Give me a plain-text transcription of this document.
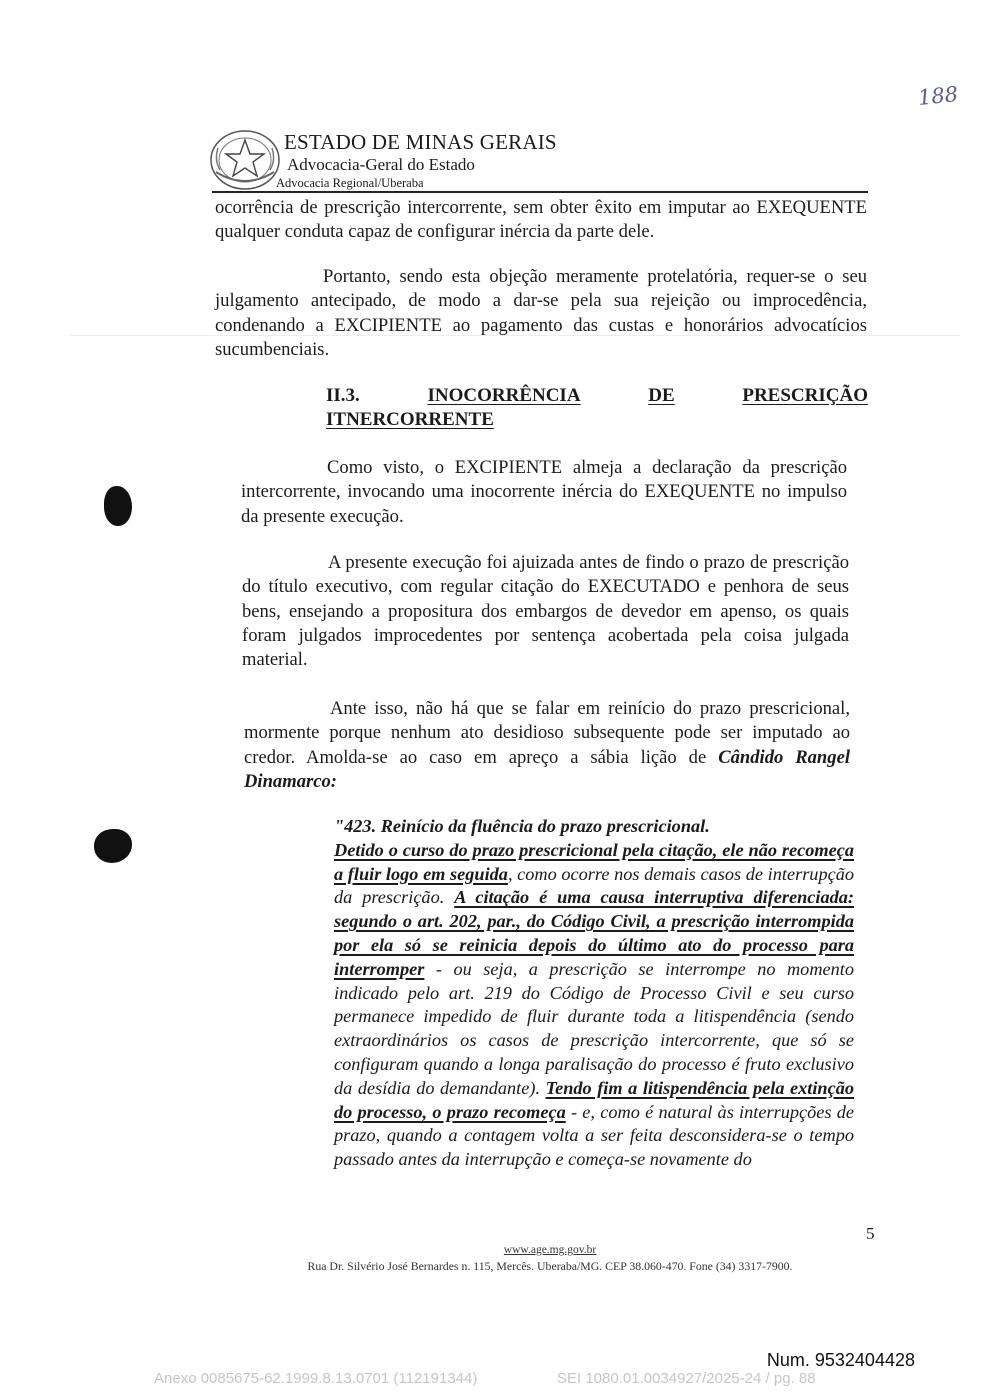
188
ESTADO DE MINAS GERAIS
Advocacia-Geral do Estado
Advocacia Regional/Uberaba
ocorrência de prescrição intercorrente, sem obter êxito em imputar ao EXEQUENTE qualquer conduta capaz de configurar inércia da parte dele.
Portanto, sendo esta objeção meramente protelatória, requer-se o seu julgamento antecipado, de modo a dar-se pela sua rejeição ou improcedência, condenando a EXCIPIENTE ao pagamento das custas e honorários advocatícios sucumbenciais.
II.3.	INOCORRÊNCIA	DE	PRESCRIÇÃO
ITNERCORRENTE
Como visto, o EXCIPIENTE almeja a declaração da prescrição intercorrente, invocando uma inocorrente inércia do EXEQUENTE no impulso da presente execução.
A presente execução foi ajuizada antes de findo o prazo de prescrição do título executivo, com regular citação do EXECUTADO e penhora de seus bens, ensejando a propositura dos embargos de devedor em apenso, os quais foram julgados improcedentes por sentença acobertada pela coisa julgada material.
Ante isso, não há que se falar em reinício do prazo prescricional, mormente porque nenhum ato desidioso subsequente pode ser imputado ao credor. Amolda-se ao caso em apreço a sábia lição de Cândido Rangel Dinamarco:
"423. Reinício da fluência do prazo prescricional.
Detido o curso do prazo prescricional pela citação, ele não recomeça a fluir logo em seguida, como ocorre nos demais casos de interrupção da prescrição. A citação é uma causa interruptiva diferenciada: segundo o art. 202, par., do Código Civil, a prescrição interrompida por ela só se reinicia depois do último ato do processo para interromper - ou seja, a prescrição se interrompe no momento indicado pelo art. 219 do Código de Processo Civil e seu curso permanece impedido de fluir durante toda a litispendência (sendo extraordinários os casos de prescrição intercorrente, que só se configuram quando a longa paralisação do processo é fruto exclusivo da desídia do demandante). Tendo fim a litispendência pela extinção do processo, o prazo recomeça - e, como é natural às interrupções de prazo, quando a contagem volta a ser feita desconsidera-se o tempo passado antes da interrupção e começa-se novamente do
5
www.age.mg.gov.br
Rua Dr. Silvério José Bernardes n. 115, Mercês. Uberaba/MG. CEP 38.060-470. Fone (34) 3317-7900.
Num. 9532404428
Anexo 0085675-62.1999.8.13.0701 (112191344)	SEI 1080.01.0034927/2025-24 / pg. 88
